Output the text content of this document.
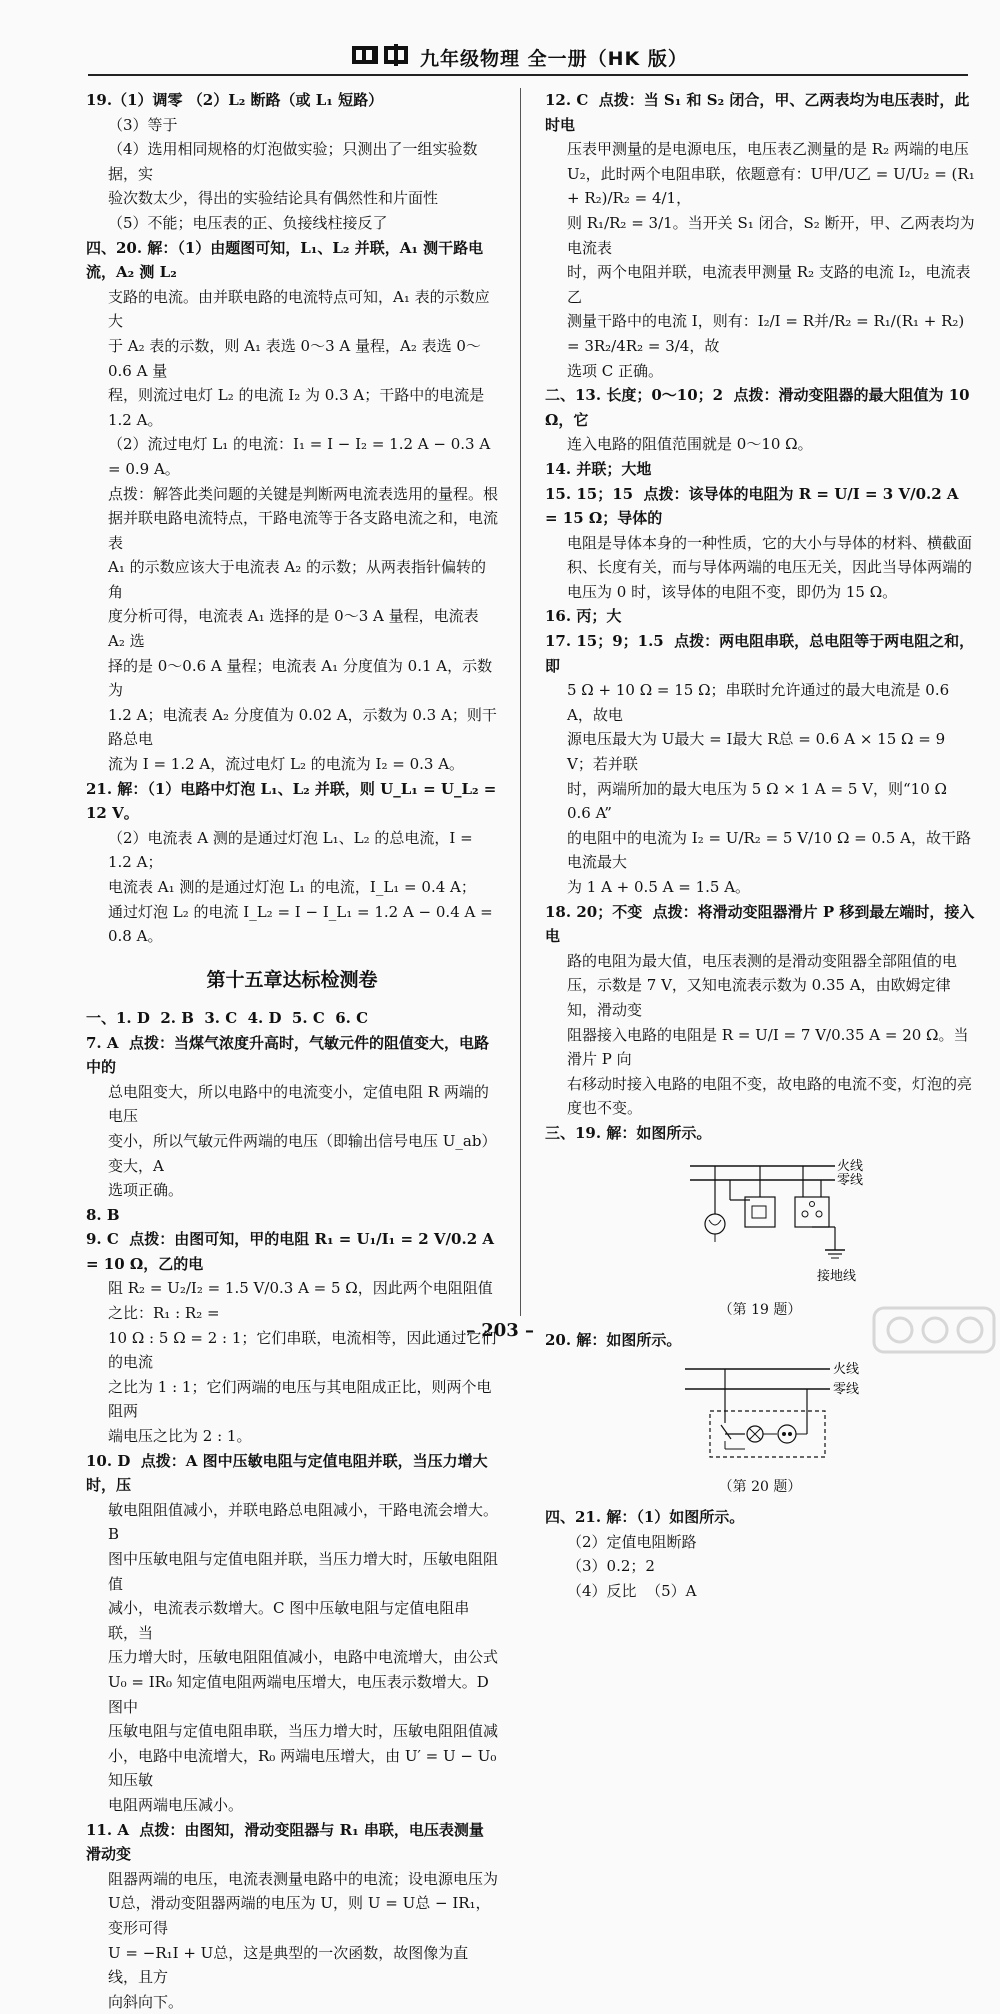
九年级物理 全一册（HK 版）
19.（1）调零 （2）L₂ 断路（或 L₁ 短路）
（3）等于
（4）选用相同规格的灯泡做实验；只测出了一组实验数据，实
验次数太少，得出的实验结论具有偶然性和片面性
（5）不能；电压表的正、负接线柱接反了
四、20. 解：（1）由题图可知，L₁、L₂ 并联，A₁ 测干路电流，A₂ 测 L₂
支路的电流。由并联电路的电流特点可知，A₁ 表的示数应大
于 A₂ 表的示数，则 A₁ 表选 0～3 A 量程，A₂ 表选 0～0.6 A 量
程，则流过电灯 L₂ 的电流 I₂ 为 0.3 A；干路中的电流是
1.2 A。
（2）流过电灯 L₁ 的电流：I₁ = I − I₂ = 1.2 A − 0.3 A = 0.9 A。
点拨：解答此类问题的关键是判断两电流表选用的量程。根
据并联电路电流特点，干路电流等于各支路电流之和，电流表
A₁ 的示数应该大于电流表 A₂ 的示数；从两表指针偏转的角
度分析可得，电流表 A₁ 选择的是 0～3 A 量程，电流表 A₂ 选
择的是 0～0.6 A 量程；电流表 A₁ 分度值为 0.1 A，示数为
1.2 A；电流表 A₂ 分度值为 0.02 A，示数为 0.3 A；则干路总电
流为 I = 1.2 A，流过电灯 L₂ 的电流为 I₂ = 0.3 A。
21. 解：（1）电路中灯泡 L₁、L₂ 并联，则 U_L₁ = U_L₂ = 12 V。
（2）电流表 A 测的是通过灯泡 L₁、L₂ 的总电流，I = 1.2 A；
电流表 A₁ 测的是通过灯泡 L₁ 的电流，I_L₁ = 0.4 A；
通过灯泡 L₂ 的电流 I_L₂ = I − I_L₁ = 1.2 A − 0.4 A = 0.8 A。
第十五章达标检测卷
一、1. D  2. B  3. C  4. D  5. C  6. C
7. A  点拨：当煤气浓度升高时，气敏元件的阻值变大，电路中的
总电阻变大，所以电路中的电流变小，定值电阻 R 两端的电压
变小，所以气敏元件两端的电压（即输出信号电压 U_ab）变大，A
选项正确。
8. B
9. C  点拨：由图可知，甲的电阻 R₁ = U₁/I₁ = 2 V/0.2 A = 10 Ω，乙的电
阻 R₂ = U₂/I₂ = 1.5 V/0.3 A = 5 Ω，因此两个电阻阻值之比：R₁ : R₂ =
10 Ω : 5 Ω = 2 : 1；它们串联，电流相等，因此通过它们的电流
之比为 1 : 1；它们两端的电压与其电阻成正比，则两个电阻两
端电压之比为 2 : 1。
10. D  点拨：A 图中压敏电阻与定值电阻并联，当压力增大时，压
敏电阻阻值减小，并联电路总电阻减小，干路电流会增大。B
图中压敏电阻与定值电阻并联，当压力增大时，压敏电阻阻值
减小，电流表示数增大。C 图中压敏电阻与定值电阻串联，当
压力增大时，压敏电阻阻值减小，电路中电流增大，由公式
U₀ = IR₀ 知定值电阻两端电压增大，电压表示数增大。D 图中
压敏电阻与定值电阻串联，当压力增大时，压敏电阻阻值减
小，电路中电流增大，R₀ 两端电压增大，由 U′ = U − U₀ 知压敏
电阻两端电压减小。
11. A  点拨：由图知，滑动变阻器与 R₁ 串联，电压表测量滑动变
阻器两端的电压，电流表测量电路中的电流；设电源电压为
U总，滑动变阻器两端的电压为 U，则 U = U总 − IR₁，变形可得
U = −R₁I + U总，这是典型的一次函数，故图像为直线，且方
向斜向下。
12. C  点拨：当 S₁ 和 S₂ 闭合，甲、乙两表均为电压表时，此时电
压表甲测量的是电源电压，电压表乙测量的是 R₂ 两端的电压
U₂，此时两个电阻串联，依题意有：U甲/U乙 = U/U₂ = (R₁ + R₂)/R₂ = 4/1，
则 R₁/R₂ = 3/1。当开关 S₁ 闭合，S₂ 断开，甲、乙两表均为电流表
时，两个电阻并联，电流表甲测量 R₂ 支路的电流 I₂，电流表乙
测量干路中的电流 I，则有：I₂/I = R并/R₂ = R₁/(R₁ + R₂) = 3R₂/4R₂ = 3/4，故
选项 C 正确。
二、13. 长度；0～10；2  点拨：滑动变阻器的最大阻值为 10 Ω，它
连入电路的阻值范围就是 0～10 Ω。
14. 并联；大地
15. 15；15  点拨：该导体的电阻为 R = U/I = 3 V/0.2 A = 15 Ω；导体的
电阻是导体本身的一种性质，它的大小与导体的材料、横截面
积、长度有关，而与导体两端的电压无关，因此当导体两端的
电压为 0 时，该导体的电阻不变，即仍为 15 Ω。
16. 丙；大
17. 15；9；1.5  点拨：两电阻串联，总电阻等于两电阻之和，即
5 Ω + 10 Ω = 15 Ω；串联时允许通过的最大电流是 0.6 A，故电
源电压最大为 U最大 = I最大 R总 = 0.6 A × 15 Ω = 9 V；若并联
时，两端所加的最大电压为 5 Ω × 1 A = 5 V，则“10 Ω  0.6 A”
的电阻中的电流为 I₂ = U/R₂ = 5 V/10 Ω = 0.5 A，故干路电流最大
为 1 A + 0.5 A = 1.5 A。
18. 20；不变  点拨：将滑动变阻器滑片 P 移到最左端时，接入电
路的电阻为最大值，电压表测的是滑动变阻器全部阻值的电
压，示数是 7 V，又知电流表示数为 0.35 A，由欧姆定律知，滑动变
阻器接入电路的电阻是 R = U/I = 7 V/0.35 A = 20 Ω。当滑片 P 向
右移动时接入电路的电阻不变，故电路的电流不变，灯泡的亮
度也不变。
三、19. 解：如图所示。
火线
零线
接地线
（第 19 题）
20. 解：如图所示。
火线
零线
（第 20 题）
四、21. 解：（1）如图所示。
（2）定值电阻断路
（3）0.2；2
（4）反比  （5）A
– 203 –
